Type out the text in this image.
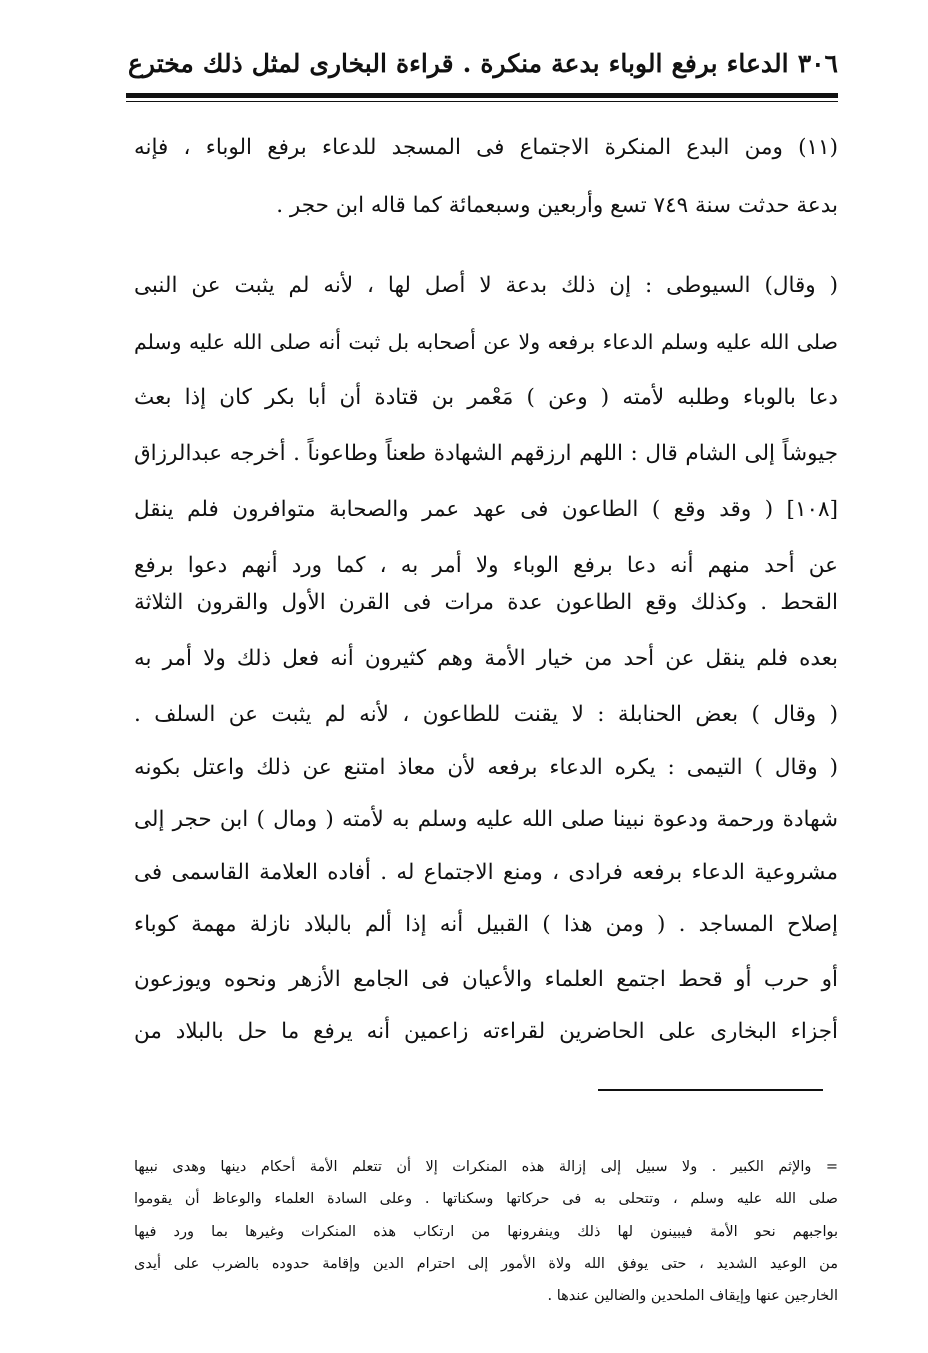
٣٠٦ الدعاء برفع الوباء بدعة منكرة . قراءة البخارى لمثل ذلك مخترع
(١١) ومن البدع المنكرة الاجتماع فى المسجد للدعاء برفع الوباء ، فإنه
بدعة حدثت سنة ٧٤٩ تسع وأربعين وسبعمائة كما قاله ابن حجر .
( وقال) السيوطى : إن ذلك بدعة لا أصل لها ، لأنه لم يثبت عن النبى
صلى الله عليه وسلم الدعاء برفعه ولا عن أصحابه بل ثبت أنه صلى الله عليه وسلم
دعا بالوباء وطلبه لأمته ( وعن ) مَعْمر بن قتادة أن أبا بكر كان إذا بعث
جيوشاً إلى الشام قال : اللهم ارزقهم الشهادة طعناً وطاعوناً . أخرجه عبدالرزاق
[١٠٨] ( وقد وقع ) الطاعون فى عهد عمر والصحابة متوافرون فلم ينقل
عن أحد منهم أنه دعا برفع الوباء ولا أمر به ، كما ورد أنهم دعوا برفع
القحط . وكذلك وقع الطاعون عدة مرات فى القرن الأول والقرون الثلاثة
بعده فلم ينقل عن أحد من خيار الأمة وهم كثيرون أنه فعل ذلك ولا أمر به
( وقال ) بعض الحنابلة : لا يقنت للطاعون ، لأنه لم يثبت عن السلف .
( وقال ) التيمى : يكره الدعاء برفعه لأن معاذ امتنع عن ذلك واعتل بكونه
شهادة ورحمة ودعوة نبينا صلى الله عليه وسلم به لأمته ( ومال ) ابن حجر إلى
مشروعية الدعاء برفعه فرادى ، ومنع الاجتماع له . أفاده العلامة القاسمى فى
إصلاح المساجد . ( ومن هذا ) القبيل أنه إذا ألم بالبلاد نازلة مهمة كوباء
أو حرب أو قحط اجتمع العلماء والأعيان فى الجامع الأزهر ونحوه ويوزعون
أجزاء البخارى على الحاضرين لقراءته زاعمين أنه يرفع ما حل بالبلاد من
= والإثم الكبير . ولا سبيل إلى إزالة هذه المنكرات إلا أن تتعلم الأمة أحكام دينها وهدى نبيها
صلى الله عليه وسلم ، وتتحلى به فى حركاتها وسكناتها . وعلى السادة العلماء والوعاظ أن يقوموا
بواجبهم نحو الأمة فيبينون لها ذلك وينفرونها من ارتكاب هذه المنكرات وغيرها بما ورد فيها
من الوعيد الشديد ، حتى يوفق الله ولاة الأمور إلى احترام الدين وإقامة حدوده بالضرب على أيدى
الخارجين عنها وإيقاف الملحدين والضالين عندها .
